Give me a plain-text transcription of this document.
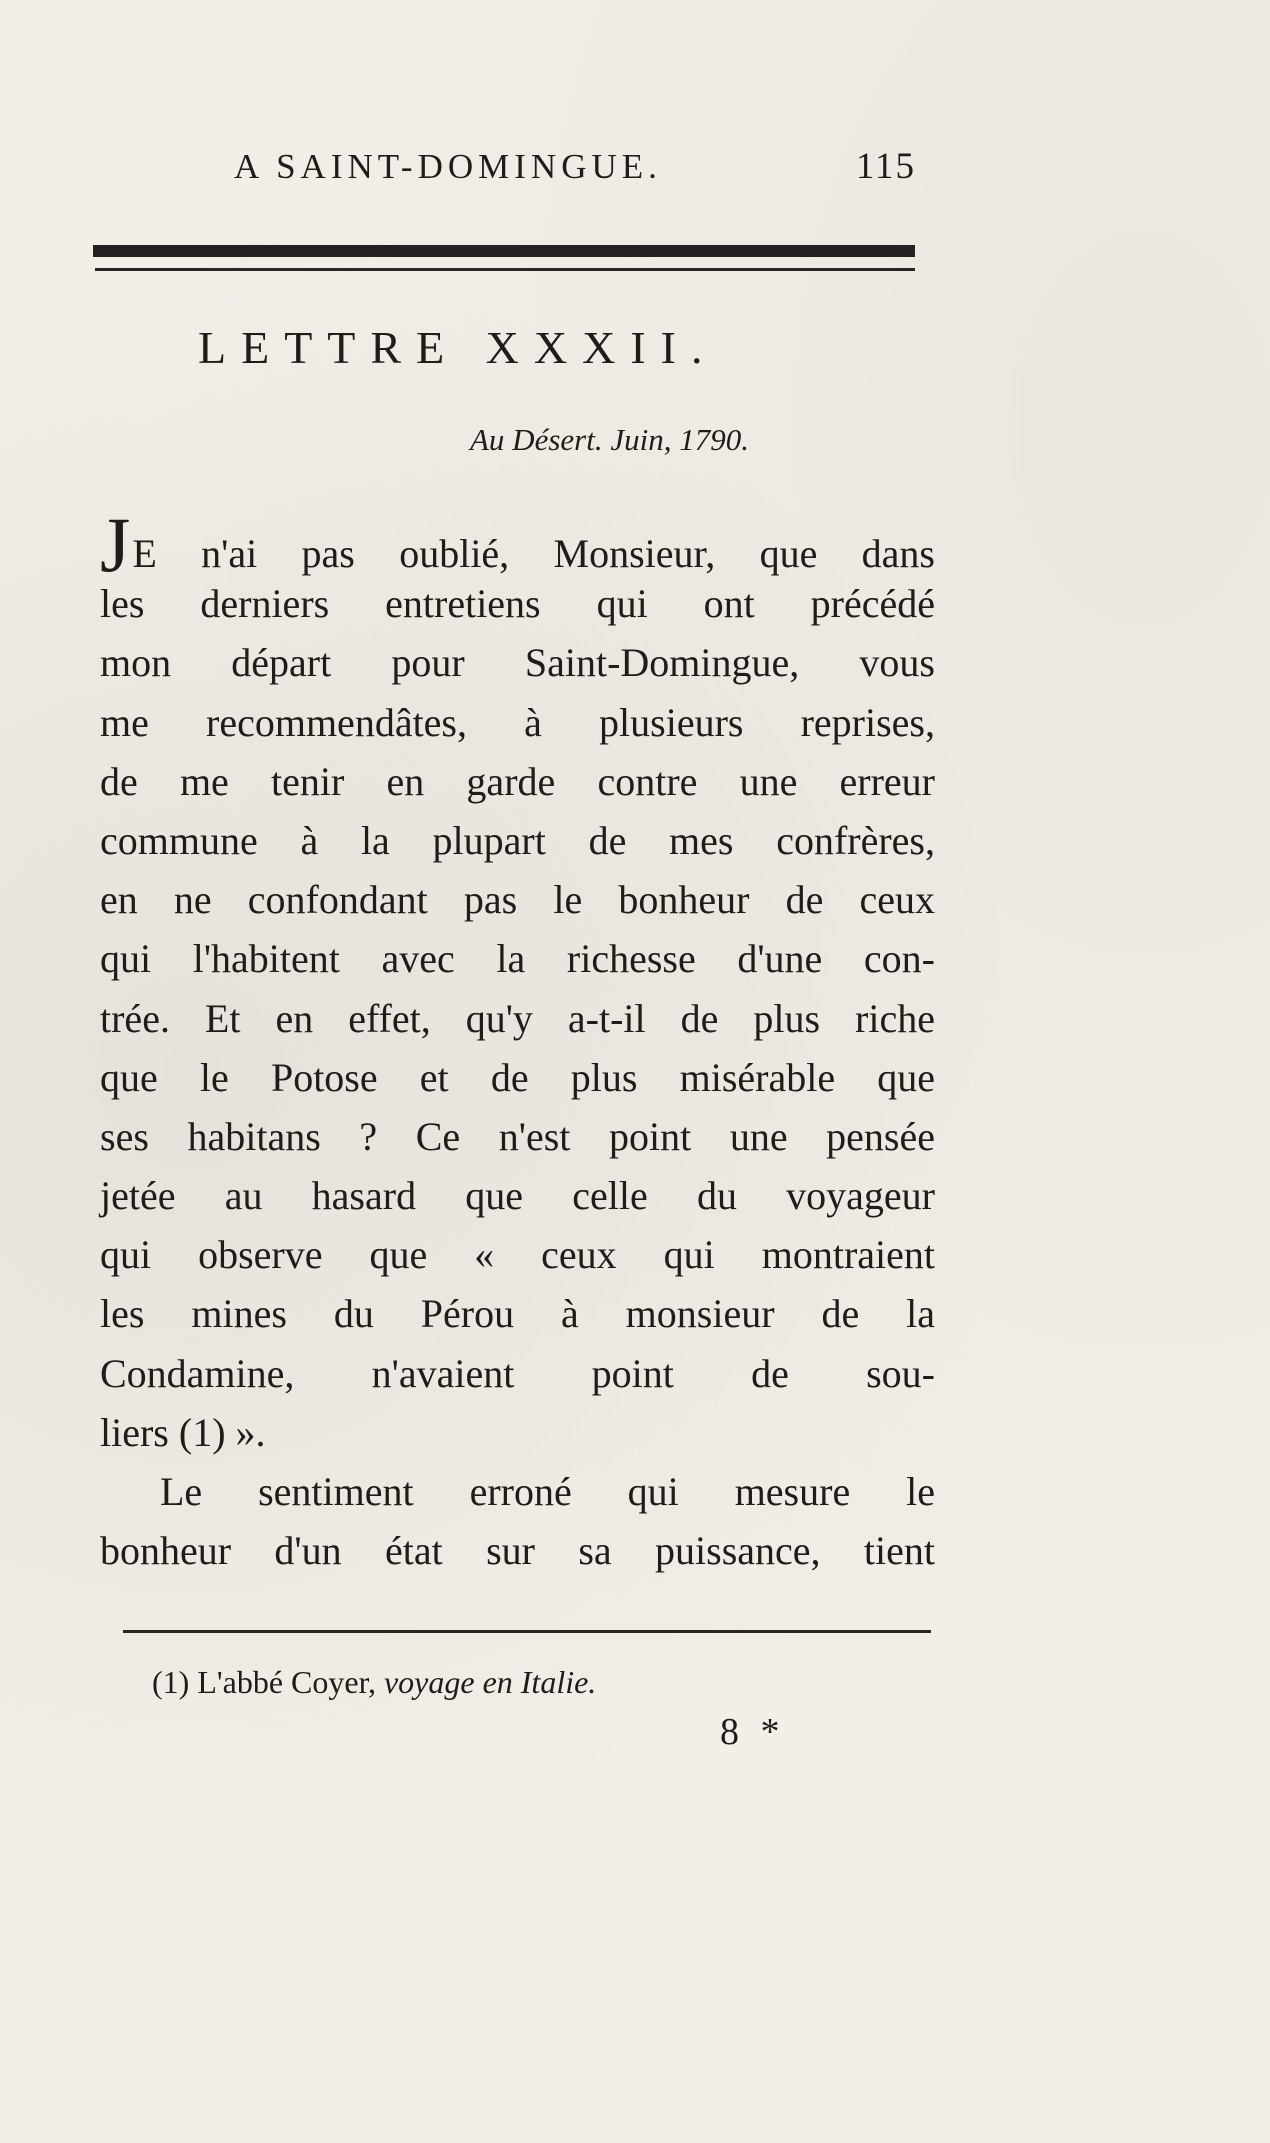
A SAINT-DOMINGUE.	115
LETTRE XXXII.
Au Désert. Juin, 1790.
JE n'ai pas oublié, Monsieur, que dans
les derniers entretiens qui ont précédé
mon départ pour Saint-Domingue, vous
me recommendâtes, à plusieurs reprises,
de me tenir en garde contre une erreur
commune à la plupart de mes confrères,
en ne confondant pas le bonheur de ceux
qui l'habitent avec la richesse d'une con-
trée. Et en effet, qu'y a-t-il de plus riche
que le Potose et de plus misérable que
ses habitans ? Ce n'est point une pensée
jetée au hasard que celle du voyageur
qui observe que « ceux qui montraient
les mines du Pérou à monsieur de la
Condamine, n'avaient point de sou-
liers (1) ».
Le sentiment erroné qui mesure le
bonheur d'un état sur sa puissance, tient
(1) L'abbé Coyer, voyage en Italie.
8 *
